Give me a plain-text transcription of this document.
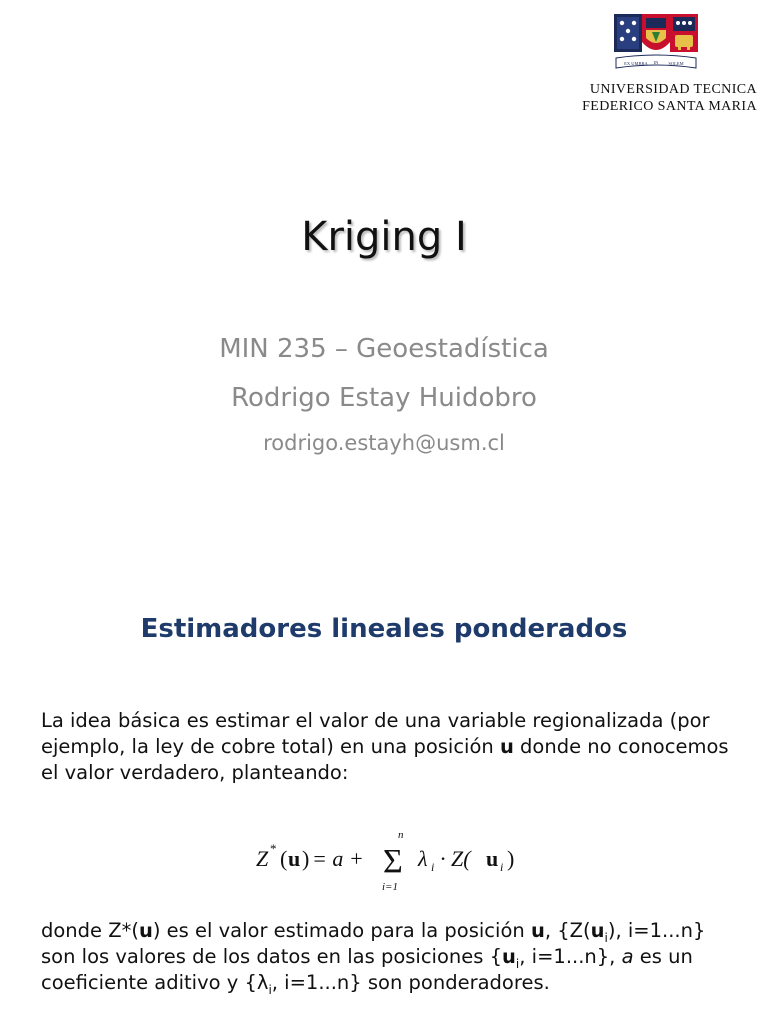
EX UMBRA IN SOLEM
UNIVERSIDAD TECNICA
FEDERICO SANTA MARIA
Kriging I
MIN 235 – Geoestadística
Rodrigo Estay Huidobro
rodrigo.estayh@usm.cl
Estimadores lineales ponderados
La idea básica es estimar el valor de una variable regionalizada (por ejemplo, la ley de cobre total) en una posición u donde no conocemos el valor verdadero, planteando:
Z * ( u ) = a +
n
Σ
i=1
λ i · Z( u i )
donde Z*(u) es el valor estimado para la posición u, {$Z(u_i)$, i=1...n} son los valores de los datos en las posiciones {$u_i$, i=1...n}, a es un coeficiente aditivo y {$\lambda_i$, i=1...n} son ponderadores.
